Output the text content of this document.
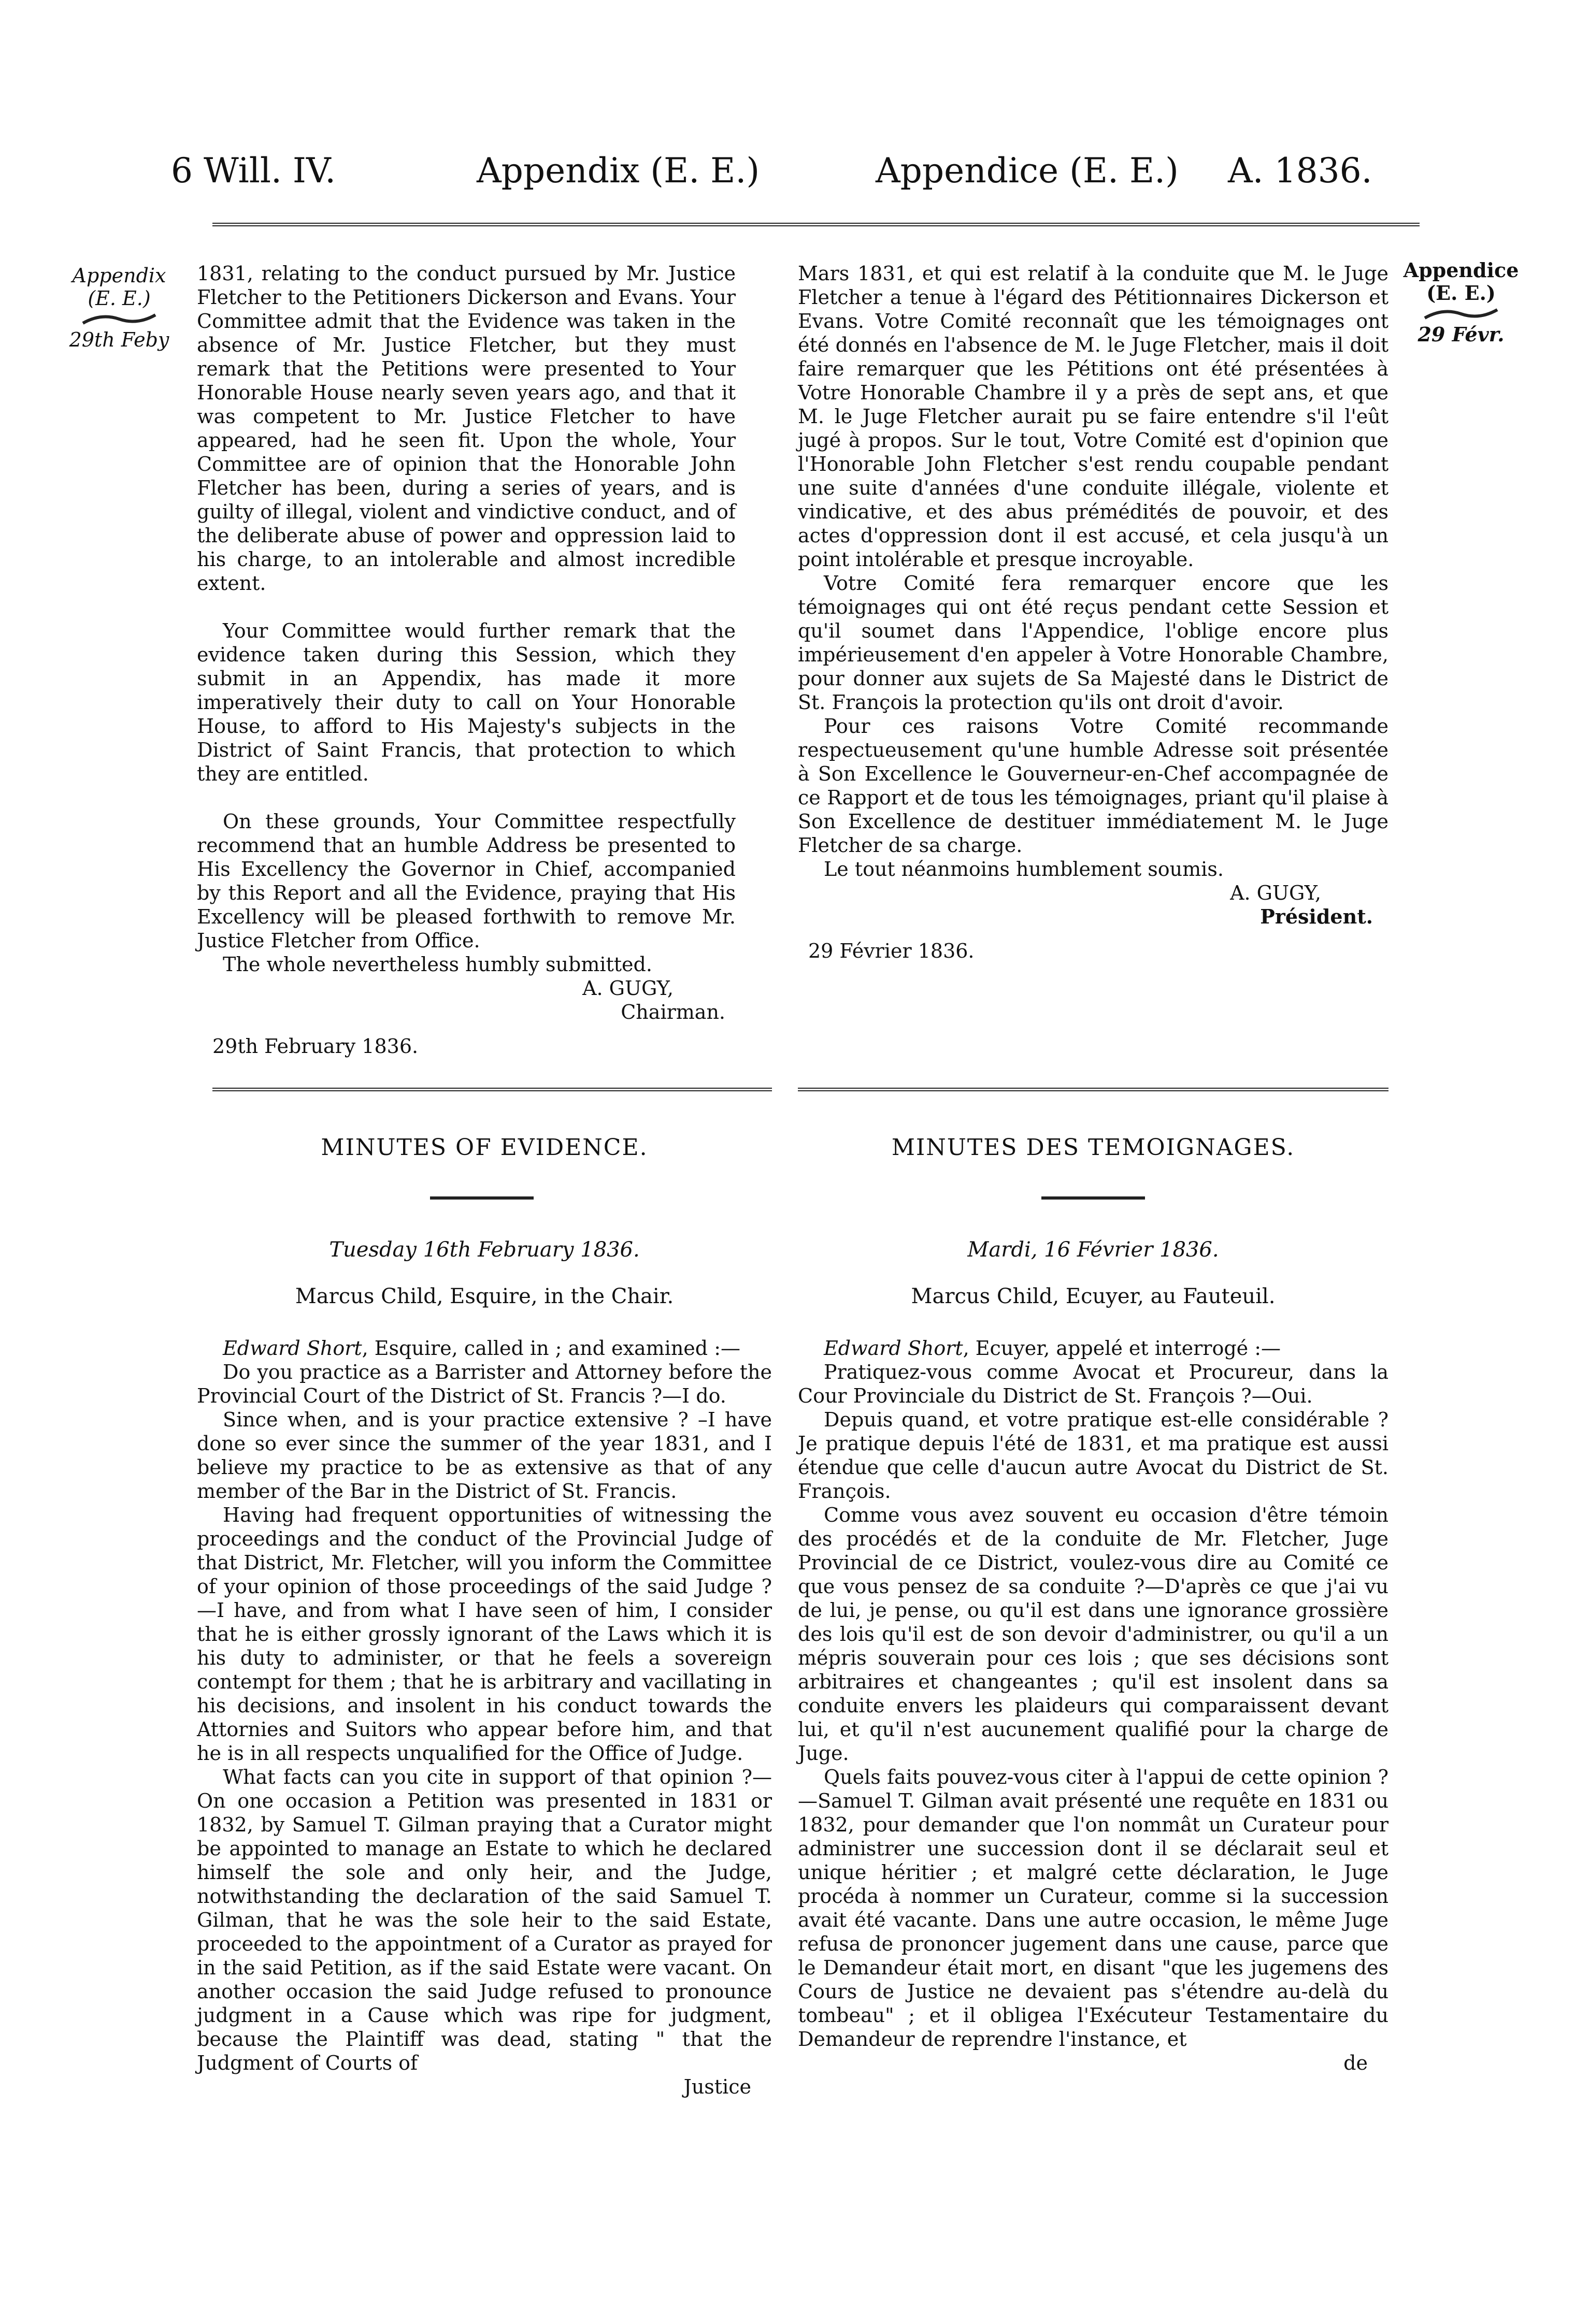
6 Will. IV.	Appendix (E. E.)	Appendice (E. E.) A. 1836.
Appendix
(E. E.)
29th Feby
Appendice
(E. E.)
29 Févr.

1831, relating to the conduct pursued by Mr. Justice Fletcher to the Petitioners Dickerson and Evans. Your Committee admit that the Evidence was taken in the absence of Mr. Justice Fletcher, but they must remark that the Petitions were presented to Your Honorable House nearly seven years ago, and that it was competent to Mr. Justice Fletcher to have appeared, had he seen fit. Upon the whole, Your Committee are of opinion that the Honorable John Fletcher has been, during a series of years, and is guilty of illegal, violent and vindictive conduct, and of the deliberate abuse of power and oppression laid to his charge, to an intolerable and almost incredible extent.

Your Committee would further remark that the evidence taken during this Session, which they submit in an Appendix, has made it more imperatively their duty to call on Your Honorable House, to afford to His Majesty's subjects in the District of Saint Francis, that protection to which they are entitled.

On these grounds, Your Committee respectfully recommend that an humble Address be presented to His Excellency the Governor in Chief, accompanied by this Report and all the Evidence, praying that His Excellency will be pleased forthwith to remove Mr. Justice Fletcher from Office.

The whole nevertheless humbly submitted.

A. GUGY,
Chairman.
29th February 1836.

Mars 1831, et qui est relatif à la conduite que M. le Juge Fletcher a tenue à l'égard des Pétitionnaires Dickerson et Evans. Votre Comité reconnaît que les témoignages ont été donnés en l'absence de M. le Juge Fletcher, mais il doit faire remarquer que les Pétitions ont été présentées à Votre Honorable Chambre il y a près de sept ans, et que M. le Juge Fletcher aurait pu se faire entendre s'il l'eût jugé à propos. Sur le tout, Votre Comité est d'opinion que l'Honorable John Fletcher s'est rendu coupable pendant une suite d'années d'une conduite illégale, violente et vindicative, et des abus prémédités de pouvoir, et des actes d'oppression dont il est accusé, et cela jusqu'à un point intolérable et presque incroyable.

Votre Comité fera remarquer encore que les témoignages qui ont été reçus pendant cette Session et qu'il soumet dans l'Appendice, l'oblige encore plus impérieusement d'en appeler à Votre Honorable Chambre, pour donner aux sujets de Sa Majesté dans le District de St. François la protection qu'ils ont droit d'avoir.

Pour ces raisons Votre Comité recommande respectueusement qu'une humble Adresse soit présentée à Son Excellence le Gouverneur-en-Chef accompagnée de ce Rapport et de tous les témoignages, priant qu'il plaise à Son Excellence de destituer immédiatement M. le Juge Fletcher de sa charge.

Le tout néanmoins humblement soumis.

A. GUGY,
Président.
29 Février 1836.
MINUTES OF EVIDENCE.	MINUTES DES TEMOIGNAGES.
Tuesday 16th February 1836.	Mardi, 16 Février 1836.
Marcus Child, Esquire, in the Chair.	Marcus Child, Ecuyer, au Fauteuil.

Edward Short, Esquire, called in ; and examined :—

Do you practice as a Barrister and Attorney before the Provincial Court of the District of St. Francis ?—I do.

Since when, and is your practice extensive ? –I have done so ever since the summer of the year 1831, and I believe my practice to be as extensive as that of any member of the Bar in the District of St. Francis.

Having had frequent opportunities of witnessing the proceedings and the conduct of the Provincial Judge of that District, Mr. Fletcher, will you inform the Committee of your opinion of those proceedings of the said Judge ?—I have, and from what I have seen of him, I consider that he is either grossly ignorant of the Laws which it is his duty to administer, or that he feels a sovereign contempt for them ; that he is arbitrary and vacillating in his decisions, and insolent in his conduct towards the Attornies and Suitors who appear before him, and that he is in all respects unqualified for the Office of Judge.

What facts can you cite in support of that opinion ?—On one occasion a Petition was presented in 1831 or 1832, by Samuel T. Gilman praying that a Curator might be appointed to manage an Estate to which he declared himself the sole and only heir, and the Judge, notwithstanding the declaration of the said Samuel T. Gilman, that he was the sole heir to the said Estate, proceeded to the appointment of a Curator as prayed for in the said Petition, as if the said Estate were vacant. On another occasion the said Judge refused to pronounce judgment in a Cause which was ripe for judgment, because the Plaintiff was dead, stating " that the Judgment of Courts of

Justice

Edward Short, Ecuyer, appelé et interrogé :—

Pratiquez-vous comme Avocat et Procureur, dans la Cour Provinciale du District de St. François ?—Oui.

Depuis quand, et votre pratique est-elle considérable ? Je pratique depuis l'été de 1831, et ma pratique est aussi étendue que celle d'aucun autre Avocat du District de St. François.

Comme vous avez souvent eu occasion d'être témoin des procédés et de la conduite de Mr. Fletcher, Juge Provincial de ce District, voulez-vous dire au Comité ce que vous pensez de sa conduite ?—D'après ce que j'ai vu de lui, je pense, ou qu'il est dans une ignorance grossière des lois qu'il est de son devoir d'administrer, ou qu'il a un mépris souverain pour ces lois ; que ses décisions sont arbitraires et changeantes ; qu'il est insolent dans sa conduite envers les plaideurs qui comparaissent devant lui, et qu'il n'est aucunement qualifié pour la charge de Juge.

Quels faits pouvez-vous citer à l'appui de cette opinion ?—Samuel T. Gilman avait présenté une requête en 1831 ou 1832, pour demander que l'on nommât un Curateur pour administrer une succession dont il se déclarait seul et unique héritier ; et malgré cette déclaration, le Juge procéda à nommer un Curateur, comme si la succession avait été vacante. Dans une autre occasion, le même Juge refusa de prononcer jugement dans une cause, parce que le Demandeur était mort, en disant "que les jugemens des Cours de Justice ne devaient pas s'étendre au-delà du tombeau" ; et il obligea l'Exécuteur Testamentaire du Demandeur de reprendre l'instance, et

de
